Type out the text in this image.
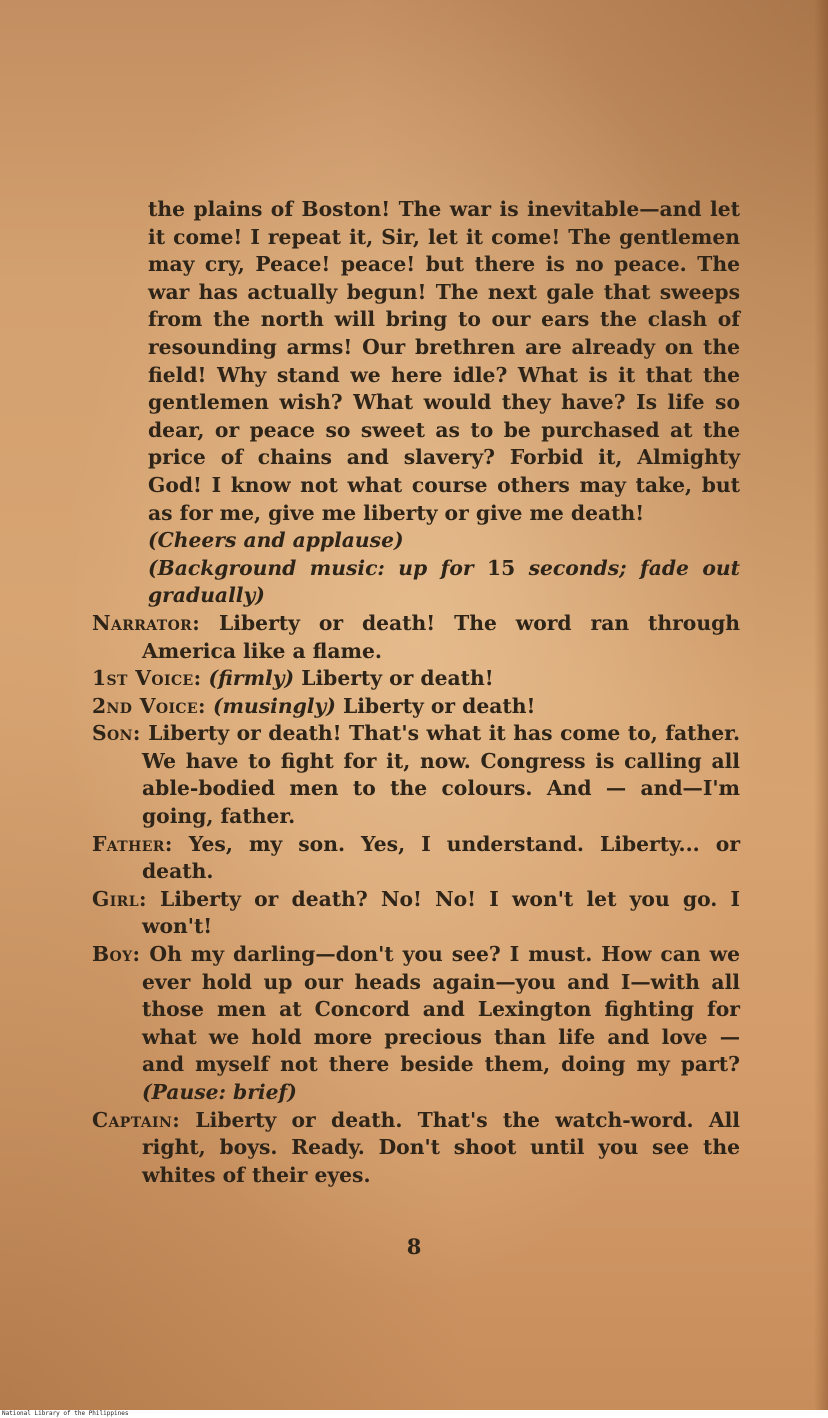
the plains of Boston! The war is inevitable—and let it come! I repeat it, Sir, let it come! The gentlemen may cry, Peace! peace! but there is no peace. The war has actually begun! The next gale that sweeps from the north will bring to our ears the clash of resounding arms! Our brethren are already on the field! Why stand we here idle? What is it that the gentlemen wish? What would they have? Is life so dear, or peace so sweet as to be purchased at the price of chains and slavery? Forbid it, Almighty God! I know not what course others may take, but as for me, give me liberty or give me death!

(Cheers and applause)

(Background music: up for 15 seconds; fade out gradually)

Narrator: Liberty or death! The word ran through America like a flame.

1st Voice: (firmly) Liberty or death!

2nd Voice: (musingly) Liberty or death!

Son: Liberty or death! That's what it has come to, father. We have to fight for it, now. Congress is calling all able-bodied men to the colours. And — and—I'm going, father.

Father: Yes, my son. Yes, I understand. Liberty... or death.

Girl: Liberty or death? No! No! I won't let you go. I won't!

Boy: Oh my darling—don't you see? I must. How can we ever hold up our heads again—you and I—with all those men at Concord and Lexington fighting for what we hold more precious than life and love — and myself not there beside them, doing my part? (Pause: brief)

Captain: Liberty or death. That's the watch-word. All right, boys. Ready. Don't shoot until you see the whites of their eyes.

8
National Library of the Philippines
